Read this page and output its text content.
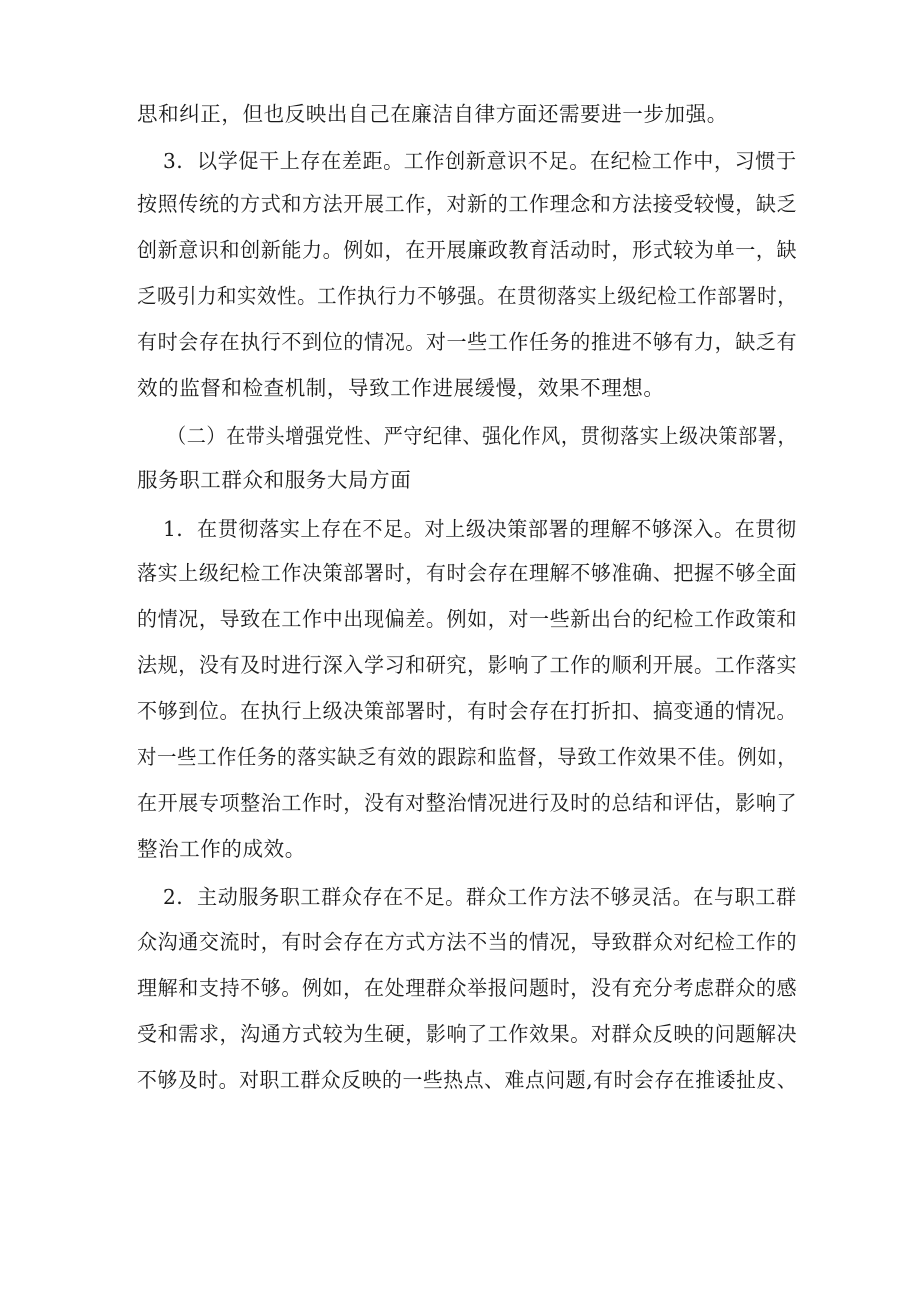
思和纠正，但也反映出自己在廉洁自律方面还需要进一步加强。
3．以学促干上存在差距。工作创新意识不足。在纪检工作中，习惯于
按照传统的方式和方法开展工作，对新的工作理念和方法接受较慢，缺乏
创新意识和创新能力。例如，在开展廉政教育活动时，形式较为单一，缺
乏吸引力和实效性。工作执行力不够强。在贯彻落实上级纪检工作部署时，
有时会存在执行不到位的情况。对一些工作任务的推进不够有力，缺乏有
效的监督和检查机制，导致工作进展缓慢，效果不理想。
（二）在带头增强党性、严守纪律、强化作风，贯彻落实上级决策部署，
服务职工群众和服务大局方面
1．在贯彻落实上存在不足。对上级决策部署的理解不够深入。在贯彻
落实上级纪检工作决策部署时，有时会存在理解不够准确、把握不够全面
的情况，导致在工作中出现偏差。例如，对一些新出台的纪检工作政策和
法规，没有及时进行深入学习和研究，影响了工作的顺利开展。工作落实
不够到位。在执行上级决策部署时，有时会存在打折扣、搞变通的情况。
对一些工作任务的落实缺乏有效的跟踪和监督，导致工作效果不佳。例如，
在开展专项整治工作时，没有对整治情况进行及时的总结和评估，影响了
整治工作的成效。
2．主动服务职工群众存在不足。群众工作方法不够灵活。在与职工群
众沟通交流时，有时会存在方式方法不当的情况，导致群众对纪检工作的
理解和支持不够。例如，在处理群众举报问题时，没有充分考虑群众的感
受和需求，沟通方式较为生硬，影响了工作效果。对群众反映的问题解决
不够及时。对职工群众反映的一些热点、难点问题,有时会存在推诿扯皮、
